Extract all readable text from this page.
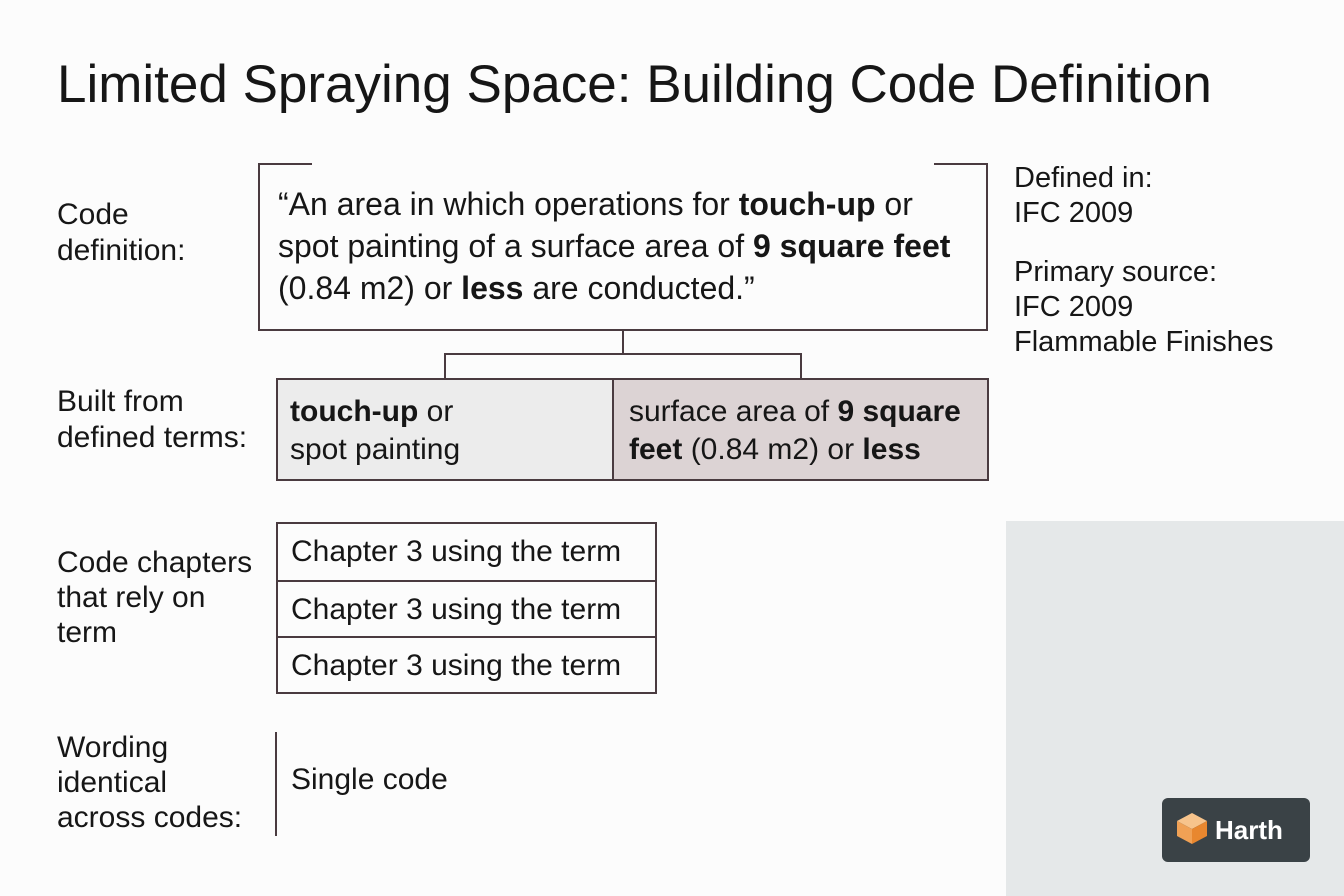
Limited Spraying Space: Building Code Definition
Code
definition:
“An area in which operations for touch-up or spot painting of a surface area of 9 square feet (0.84 m2) or less are conducted.”
Built from
defined terms:
touch-up or
spot painting
surface area of 9 square feet (0.84 m2) or less
Code chapters
that rely on
term
Chapter 3 using the term
Chapter 3 using the term
Chapter 3 using the term
Wording
identical
across codes:
Single code
Defined in:
IFC 2009
Primary source:
IFC 2009
Flammable Finishes
Harth
